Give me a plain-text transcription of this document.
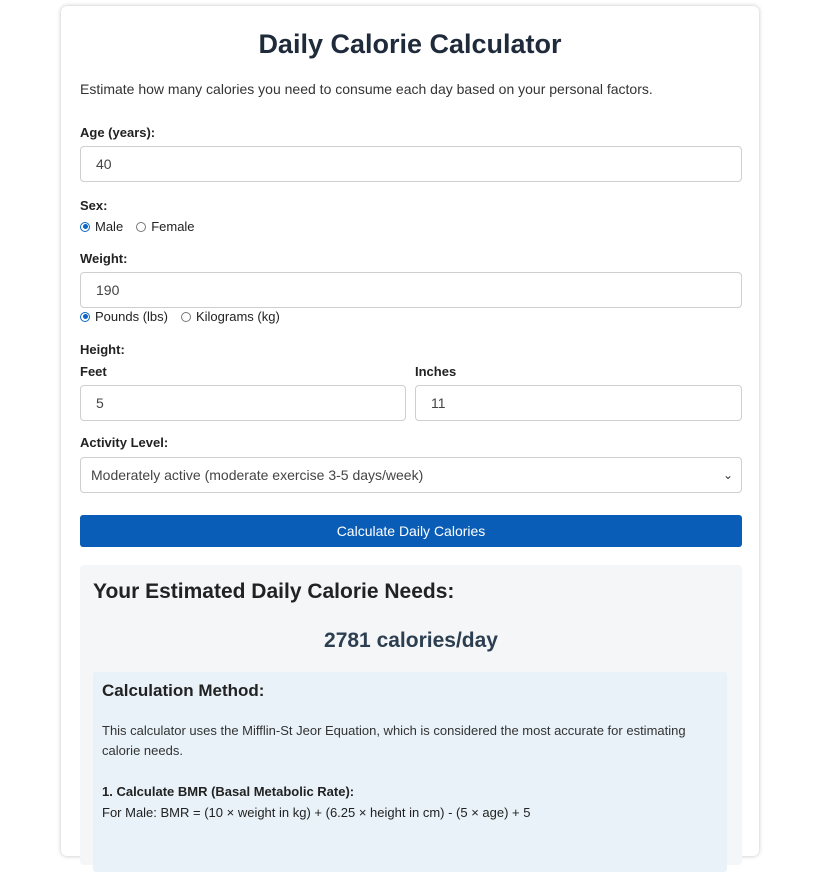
Daily Calorie Calculator
Estimate how many calories you need to consume each day based on your personal factors.
Age (years):
40
Sex:
Male Female
Weight:
190
Pounds (lbs) Kilograms (kg)
Height:
Feet
5
Inches
11
Activity Level:
Moderately active (moderate exercise 3-5 days/week)	⌄
Calculate Daily Calories
Your Estimated Daily Calorie Needs:
2781 calories/day
Calculation Method:
This calculator uses the Mifflin-St Jeor Equation, which is considered the most accurate for estimating calorie needs.
1. Calculate BMR (Basal Metabolic Rate):
For Male: BMR = (10 × weight in kg) + (6.25 × height in cm) - (5 × age) + 5
